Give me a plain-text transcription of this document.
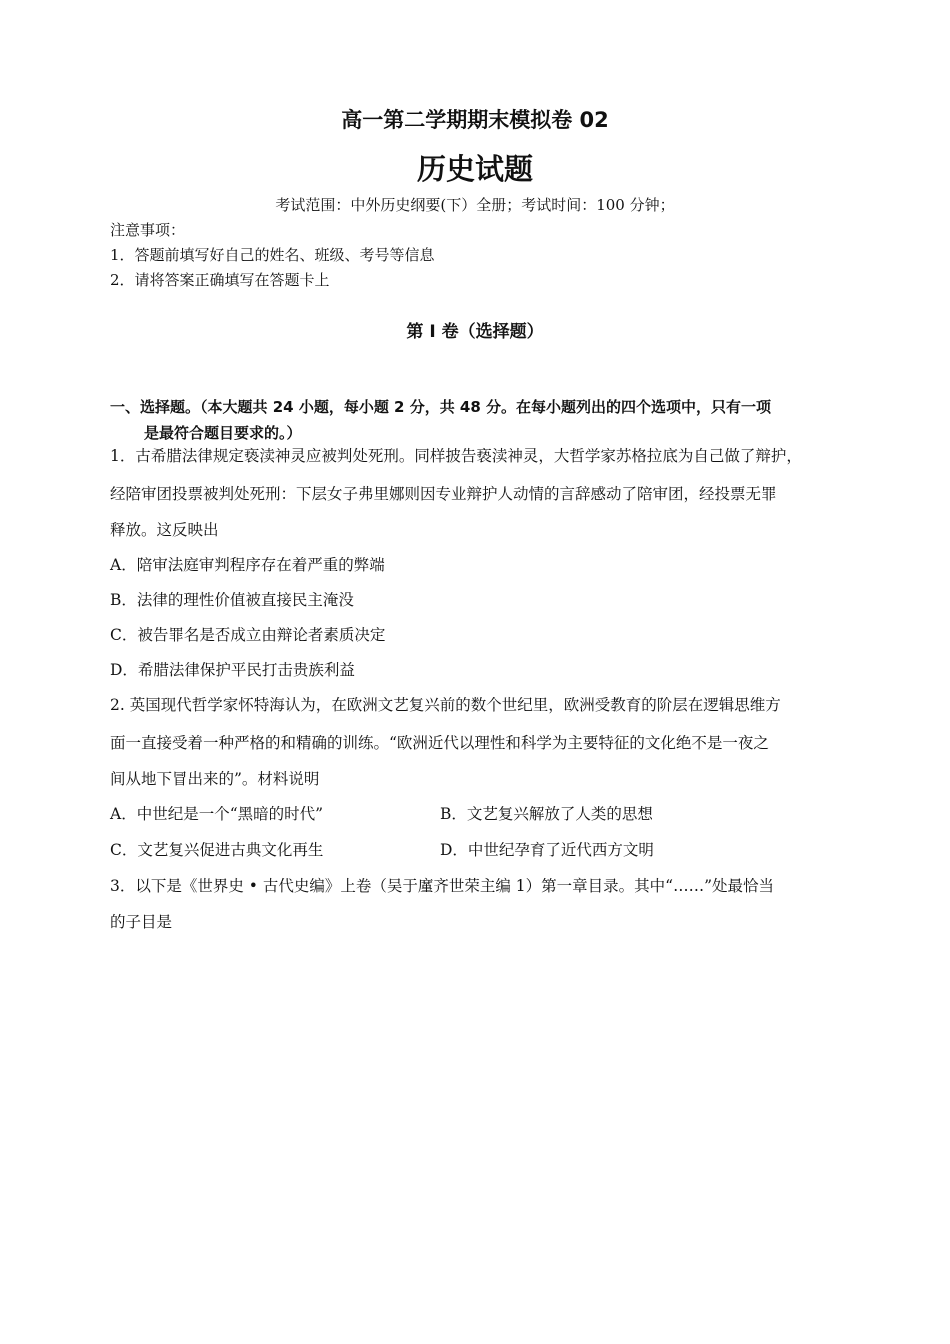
高一第二学期期末模拟卷 02
历史试题
考试范围：中外历史纲要(下）全册；考试时间：100 分钟；
注意事项：
1．答题前填写好自己的姓名、班级、考号等信息
2．请将答案正确填写在答题卡上
第 I 卷（选择题）
一、选择题。（本大题共 24 小题，每小题 2 分，共 48 分。在每小题列出的四个选项中，只有一项
是最符合题目要求的。）
1．古希腊法律规定亵渎神灵应被判处死刑。同样披告亵渎神灵，大哲学家苏格拉底为自己做了辩护，
经陪审团投票被判处死刑：下层女子弗里娜则因专业辩护人动情的言辞感动了陪审团，经投票无罪
释放。这反映出
A．陪审法庭审判程序存在着严重的弊端
B．法律的理性价值被直接民主淹没
C．被告罪名是否成立由辩论者素质决定
D．希腊法律保护平民打击贵族利益
2. 英国现代哲学家怀特海认为，在欧洲文艺复兴前的数个世纪里，欧洲受教育的阶层在逻辑思维方
面一直接受着一种严格的和精确的训练。“欧洲近代以理性和科学为主要特征的文化绝不是一夜之
间从地下冒出来的”。材料说明
A．中世纪是一个“黑暗的时代”	B．文艺复兴解放了人类的思想
C．文艺复兴促进古典文化再生	D．中世纪孕育了近代西方文明
3．以下是《世界史 • 古代史编》上卷（吴于廑齐世荣主编 1）第一章目录。其中“……”处最恰当
的子目是
